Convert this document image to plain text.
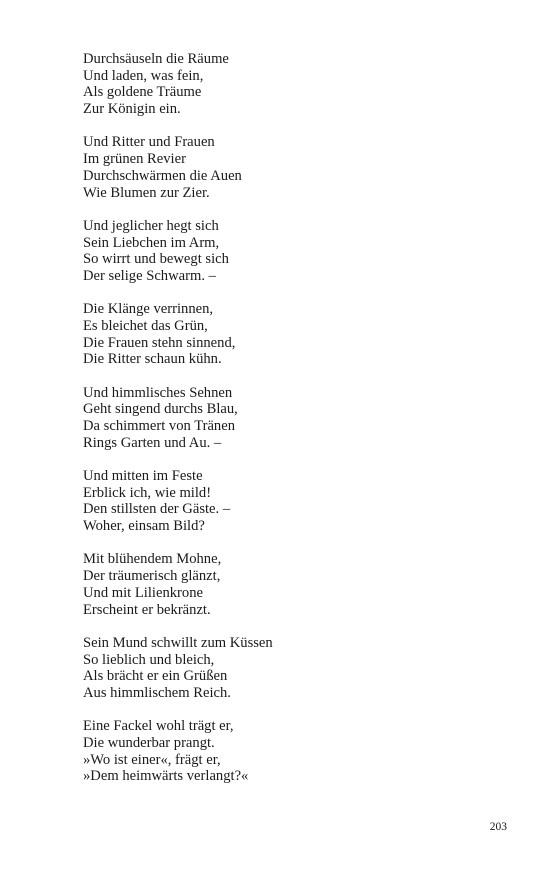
Durchsäuseln die Räume
Und laden, was fein,
Als goldene Träume
Zur Königin ein.
Und Ritter und Frauen
Im grünen Revier
Durchschwärmen die Auen
Wie Blumen zur Zier.
Und jeglicher hegt sich
Sein Liebchen im Arm,
So wirrt und bewegt sich
Der selige Schwarm. –
Die Klänge verrinnen,
Es bleichet das Grün,
Die Frauen stehn sinnend,
Die Ritter schaun kühn.
Und himmlisches Sehnen
Geht singend durchs Blau,
Da schimmert von Tränen
Rings Garten und Au. –
Und mitten im Feste
Erblick ich, wie mild!
Den stillsten der Gäste. –
Woher, einsam Bild?
Mit blühendem Mohne,
Der träumerisch glänzt,
Und mit Lilienkrone
Erscheint er bekränzt.
Sein Mund schwillt zum Küssen
So lieblich und bleich,
Als brächt er ein Grüßen
Aus himmlischem Reich.
Eine Fackel wohl trägt er,
Die wunderbar prangt.
»Wo ist einer«, frägt er,
»Dem heimwärts verlangt?«
203
